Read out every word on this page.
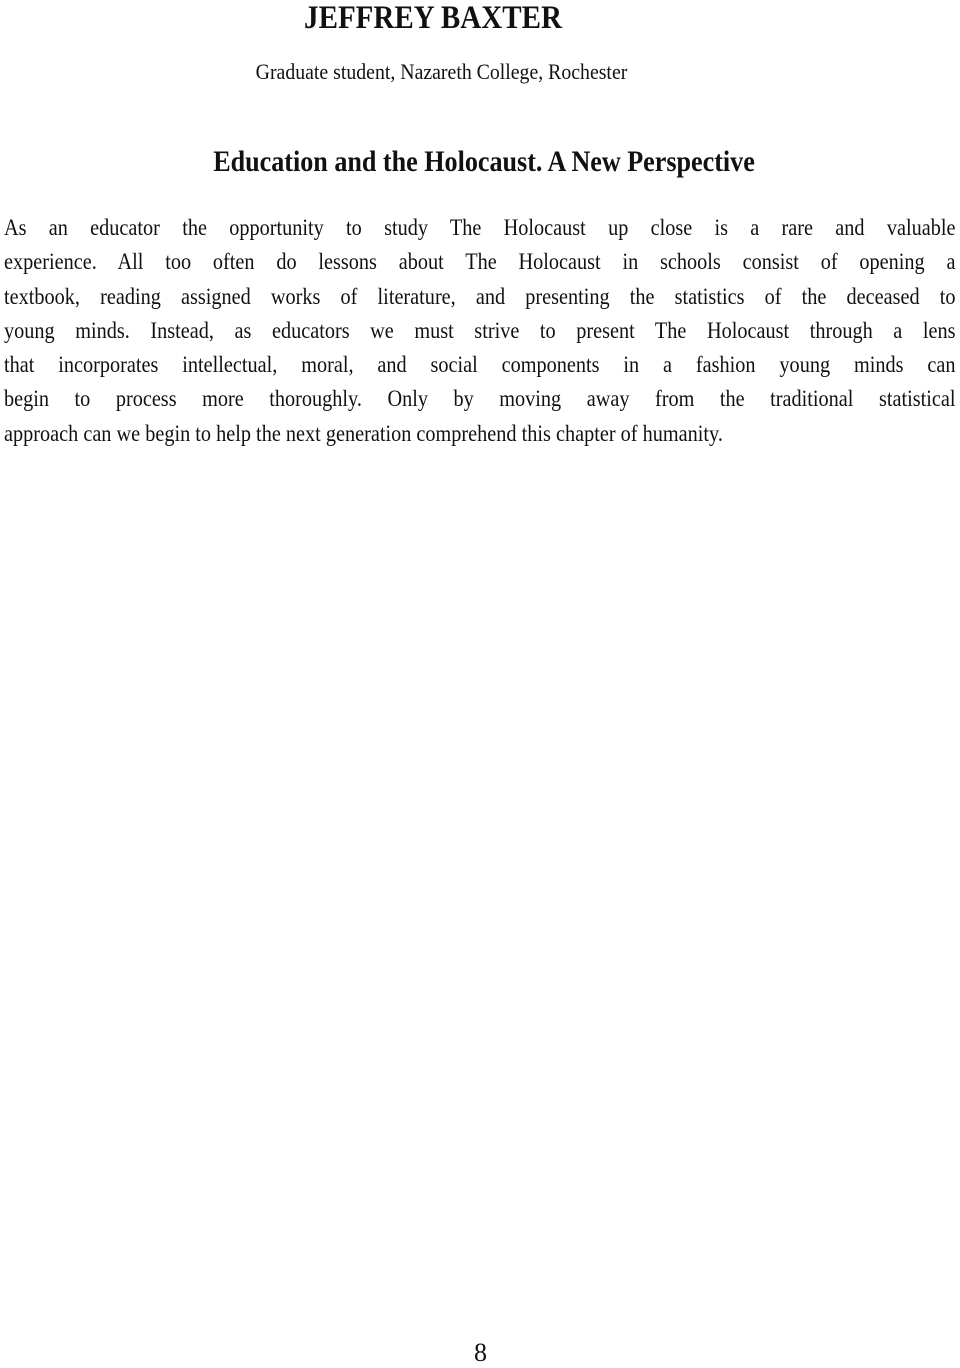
JEFFREY BAXTER
Graduate student, Nazareth College, Rochester
Education and the Holocaust. A New Perspective
As an educator the opportunity to study The Holocaust up close is a rare and valuable
experience. All too often do lessons about The Holocaust in schools consist of opening a
textbook, reading assigned works of literature, and presenting the statistics of the deceased to
young minds. Instead, as educators we must strive to present The Holocaust through a lens
that incorporates intellectual, moral, and social components in a fashion young minds can
begin to process more thoroughly. Only by moving away from the traditional statistical
approach can we begin to help the next generation comprehend this chapter of humanity.
8
